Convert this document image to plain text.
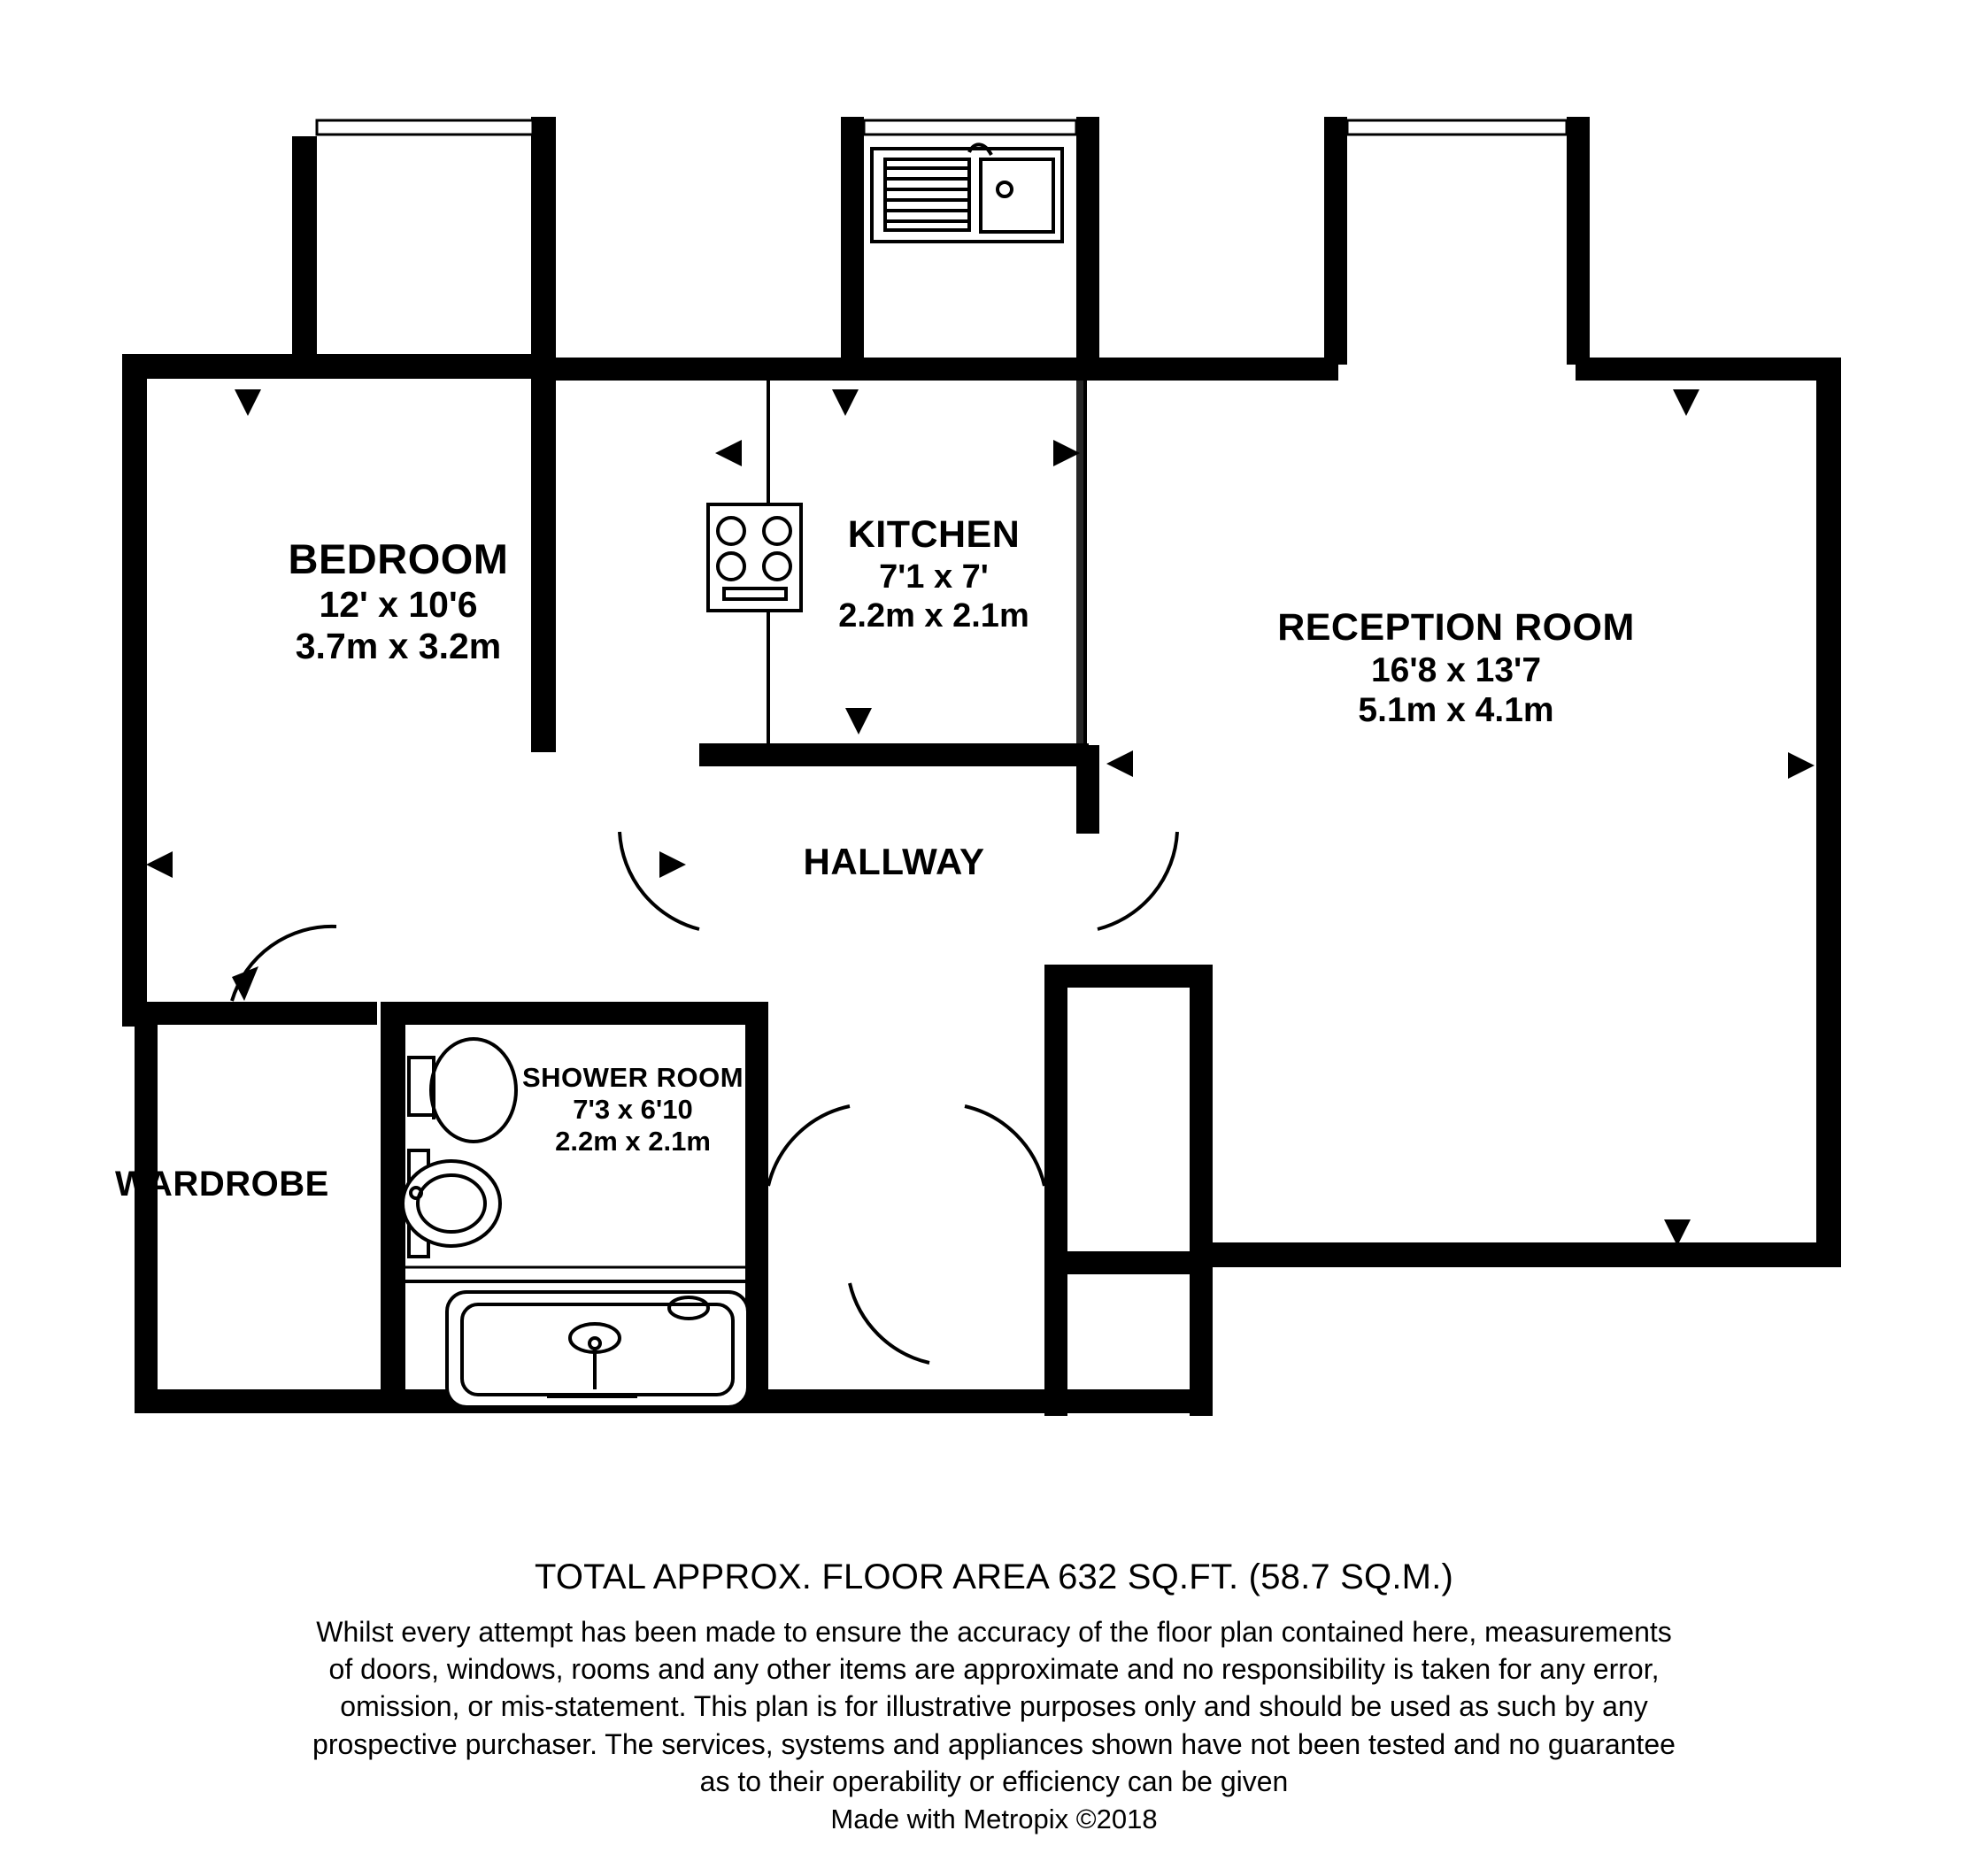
BEDROOM
12' x 10'6
3.7m x 3.2m
KITCHEN
7'1 x 7'
2.2m x 2.1m	RECEPTION ROOM
16'8 x 13'7
5.1m x 4.1m
HALLWAY
SHOWER ROOM
7'3 x 6'10
2.2m x 2.1m
WARDROBE
TOTAL APPROX. FLOOR AREA 632 SQ.FT. (58.7 SQ.M.)
Whilst every attempt has been made to ensure the accuracy of the floor plan contained here, measurements
of doors, windows, rooms and any other items are approximate and no responsibility is taken for any error,
omission, or mis-statement. This plan is for illustrative purposes only and should be used as such by any
prospective purchaser. The services, systems and appliances shown have not been tested and no guarantee
as to their operability or efficiency can be given
Made with Metropix ©2018
